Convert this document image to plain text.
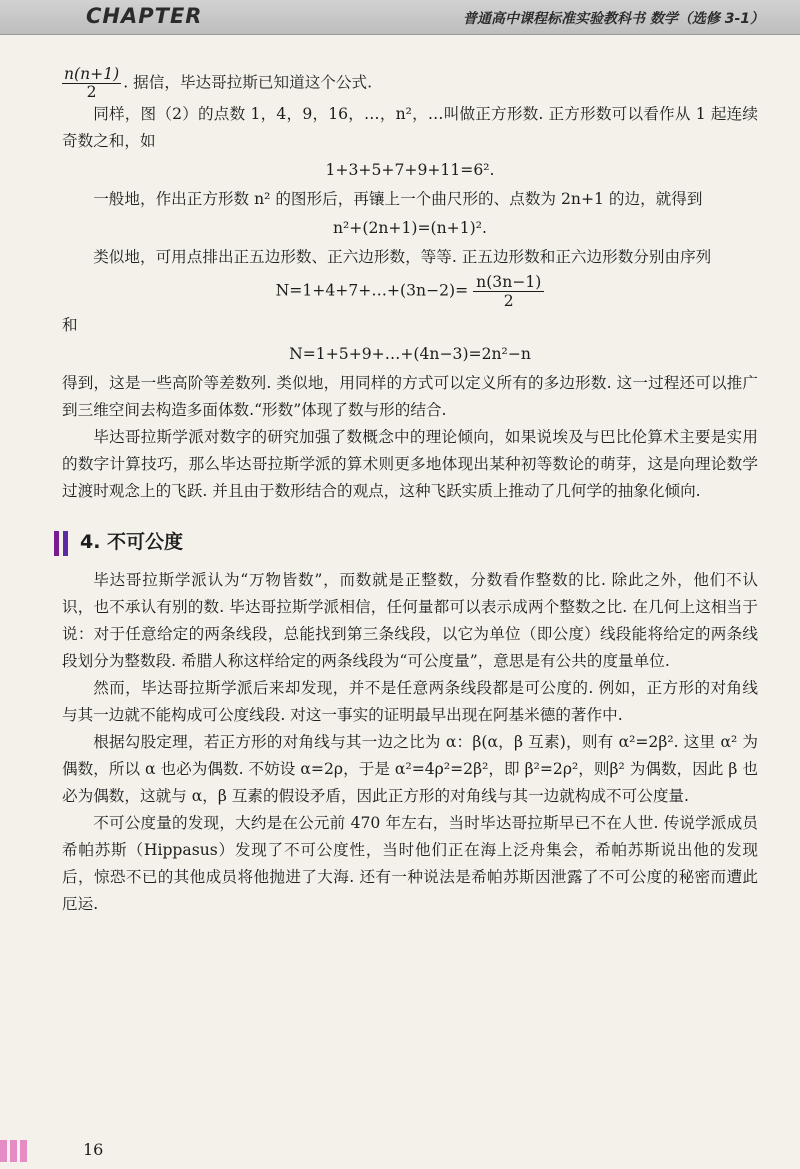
CHAPTER	普通高中课程标准实验教科书 数学（选修 3-1）

$\frac{n(n+1)}{2}$ . 据信，毕达哥拉斯已知道这个公式.

同样，图（2）的点数 1，4，9，16，…，n²，…叫做正方形数. 正方形数可以看作从 1 起连续奇数之和，如

1+3+5+7+9+11=6².

一般地，作出正方形数 n² 的图形后，再镶上一个曲尺形的、点数为 2n+1 的边，就得到

n²+(2n+1)=(n+1)².

类似地，可用点排出正五边形数、正六边形数，等等. 正五边形数和正六边形数分别由序列

N=1+4+7+…+(3n−2)= $\frac{n(3n-1)}{2}$

和

N=1+5+9+…+(4n−3)=2n²−n

得到，这是一些高阶等差数列. 类似地，用同样的方式可以定义所有的多边形数. 这一过程还可以推广到三维空间去构造多面体数.“形数”体现了数与形的结合.

毕达哥拉斯学派对数字的研究加强了数概念中的理论倾向，如果说埃及与巴比伦算术主要是实用的数字计算技巧，那么毕达哥拉斯学派的算术则更多地体现出某种初等数论的萌芽，这是向理论数学过渡时观念上的飞跃. 并且由于数形结合的观点，这种飞跃实质上推动了几何学的抽象化倾向.

4. 不可公度

毕达哥拉斯学派认为“万物皆数”，而数就是正整数，分数看作整数的比. 除此之外，他们不认识，也不承认有别的数. 毕达哥拉斯学派相信，任何量都可以表示成两个整数之比. 在几何上这相当于说：对于任意给定的两条线段，总能找到第三条线段，以它为单位（即公度）线段能将给定的两条线段划分为整数段. 希腊人称这样给定的两条线段为“可公度量”，意思是有公共的度量单位.

然而，毕达哥拉斯学派后来却发现，并不是任意两条线段都是可公度的. 例如，正方形的对角线与其一边就不能构成可公度线段. 对这一事实的证明最早出现在阿基米德的著作中.

根据勾股定理，若正方形的对角线与其一边之比为 α：β(α，β 互素)，则有 α²=2β². 这里 α² 为偶数，所以 α 也必为偶数. 不妨设 α=2ρ，于是 α²=4ρ²=2β²，即 β²=2ρ²，则β² 为偶数，因此 β 也必为偶数，这就与 α，β 互素的假设矛盾，因此正方形的对角线与其一边就构成不可公度量.

不可公度量的发现，大约是在公元前 470 年左右，当时毕达哥拉斯早已不在人世. 传说学派成员希帕苏斯（Hippasus）发现了不可公度性，当时他们正在海上泛舟集会，希帕苏斯说出他的发现后，惊恐不已的其他成员将他抛进了大海. 还有一种说法是希帕苏斯因泄露了不可公度的秘密而遭此厄运.

16
